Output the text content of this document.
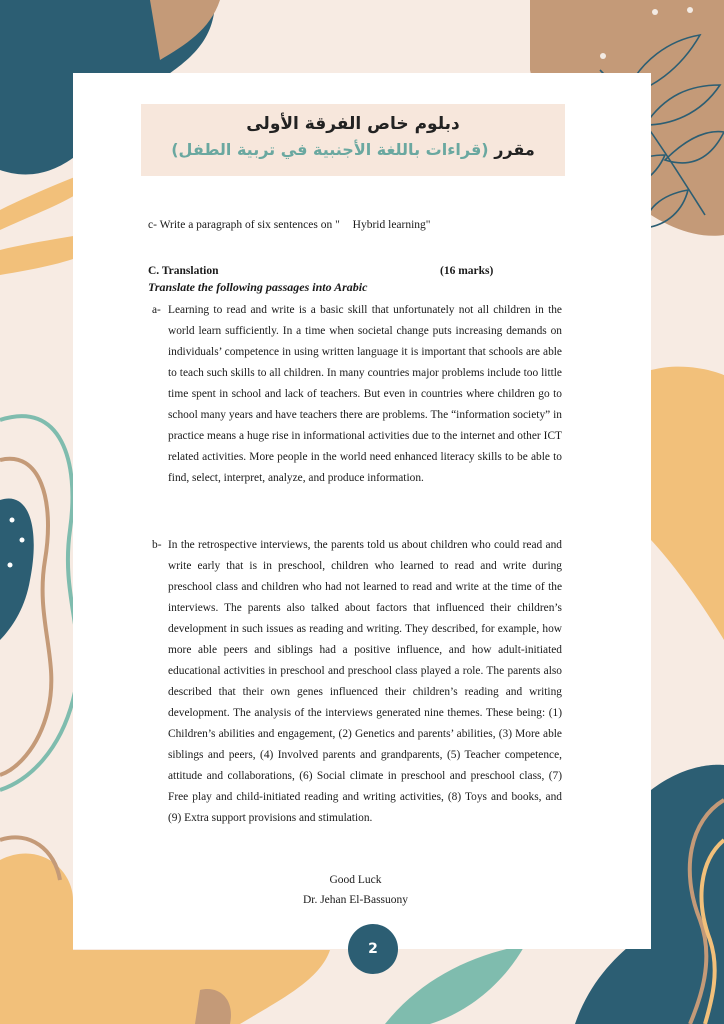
دبلوم خاص الفرقة الأولى
مقرر (قراءات باللغة الأجنبية في تربية الطفل)
c- Write a paragraph of six sentences on " Hybrid learning"
C. Translation	(16 marks)
Translate the following passages into Arabic
a- Learning to read and write is a basic skill that unfortunately not all children in the world learn sufficiently. In a time when societal change puts increasing demands on individuals’ competence in using written language it is important that schools are able to teach such skills to all children. In many countries major problems include too little time spent in school and lack of teachers. But even in countries where children go to school many years and have teachers there are problems. The “information society” in practice means a huge rise in informational activities due to the internet and other ICT related activities. More people in the world need enhanced literacy skills to be able to find, select, interpret, analyze, and produce information.
b- In the retrospective interviews, the parents told us about children who could read and write early that is in preschool, children who learned to read and write during preschool class and children who had not learned to read and write at the time of the interviews. The parents also talked about factors that influenced their children’s development in such issues as reading and writing. They described, for example, how more able peers and siblings had a positive influence, and how adult-initiated educational activities in preschool and preschool class played a role. The parents also described that their own genes influenced their children’s reading and writing development. The analysis of the interviews generated nine themes. These being: (1) Children’s abilities and engagement, (2) Genetics and parents’ abilities, (3) More able siblings and peers, (4) Involved parents and grandparents, (5) Teacher competence, attitude and collaborations, (6) Social climate in preschool and preschool class, (7) Free play and child-initiated reading and writing activities, (8) Toys and books, and (9) Extra support provisions and stimulation.
Good Luck
Dr. Jehan El-Bassuony
2
